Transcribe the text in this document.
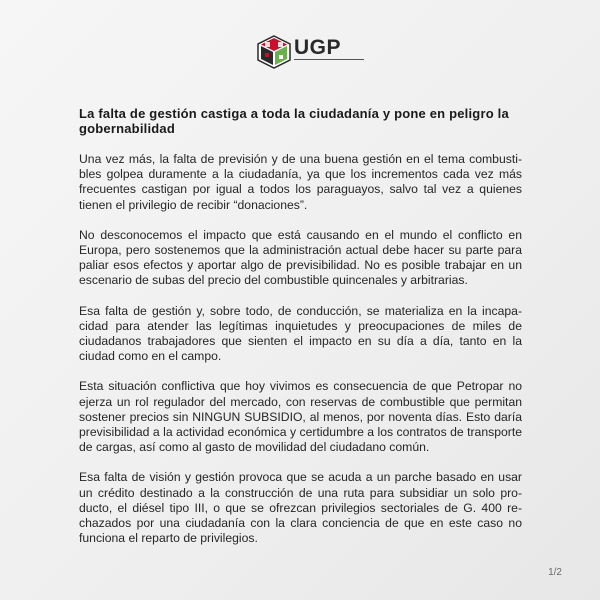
UGP
La falta de gestión castiga a toda la ciudadanía y pone en peligro la gobernabilidad

Una vez más, la falta de previsión y de una buena gestión en el tema combustibles golpea duramente a la ciudadanía, ya que los incrementos cada vez más frecuentes castigan por igual a todos los paraguayos, salvo tal vez a quienes tienen el privilegio de recibir “donaciones”.

No desconocemos el impacto que está causando en el mundo el conflicto en Europa, pero sostenemos que la administración actual debe hacer su parte para paliar esos efectos y aportar algo de previsibilidad. No es posible trabajar en un escenario de subas del precio del combustible quincenales y arbitrarias.

Esa falta de gestión y, sobre todo, de conducción, se materializa en la incapacidad para atender las legítimas inquietudes y preocupaciones de miles de ciudadanos trabajadores que sienten el impacto en su día a día, tanto en la ciudad como en el campo.

Esta situación conflictiva que hoy vivimos es consecuencia de que Petropar no ejerza un rol regulador del mercado, con reservas de combustible que permitan sostener precios sin NINGUN SUBSIDIO, al menos, por noventa días. Esto daría previsibilidad a la actividad económica y certidumbre a los contratos de transporte de cargas, así como al gasto de movilidad del ciudadano común.

Esa falta de visión y gestión provoca que se acuda a un parche basado en usar un crédito destinado a la construcción de una ruta para subsidiar un solo producto, el diésel tipo III, o que se ofrezcan privilegios sectoriales de G. 400 rechazados por una ciudadanía con la clara conciencia de que en este caso no funciona el reparto de privilegios.

1/2
